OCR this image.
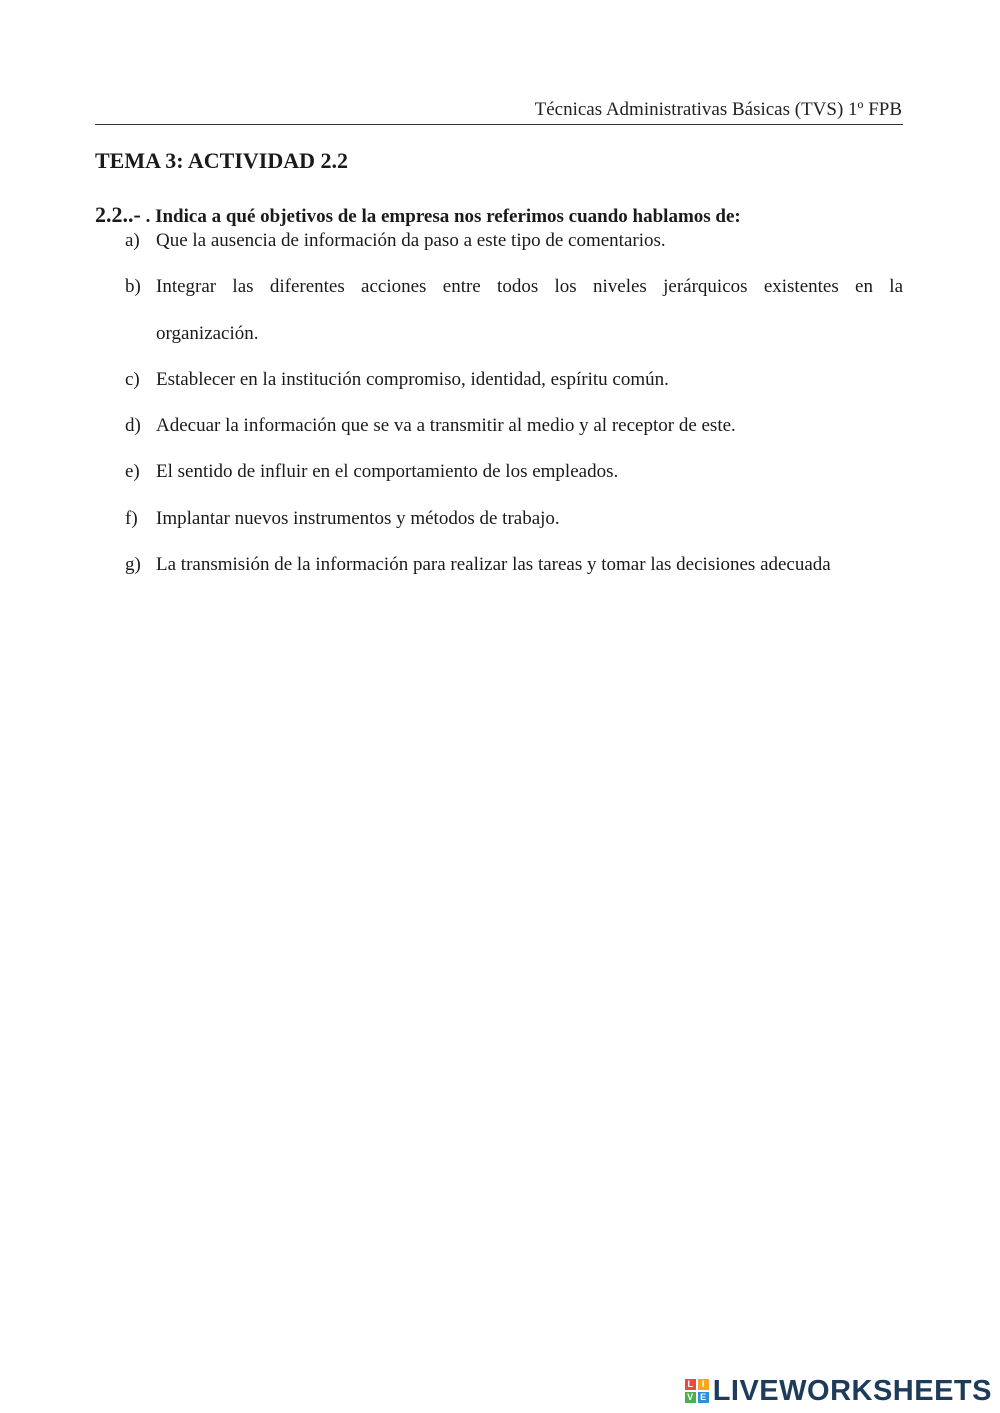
Técnicas Administrativas Básicas (TVS) 1º FPB
TEMA 3: ACTIVIDAD 2.2
2.2..- . Indica a qué objetivos de la empresa nos referimos cuando hablamos de:
a) Que la ausencia de información da paso a este tipo de comentarios.
b) Integrar las diferentes acciones entre todos los niveles jerárquicos existentes en la
organización.
c) Establecer en la institución compromiso, identidad, espíritu común.
d) Adecuar la información que se va a transmitir al medio y al receptor de este.
e) El sentido de influir en el comportamiento de los empleados.
f) Implantar nuevos instrumentos y métodos de trabajo.
g) La transmisión de la información para realizar las tareas y tomar las decisiones adecuada
L I
V E LIVEWORKSHEETS
